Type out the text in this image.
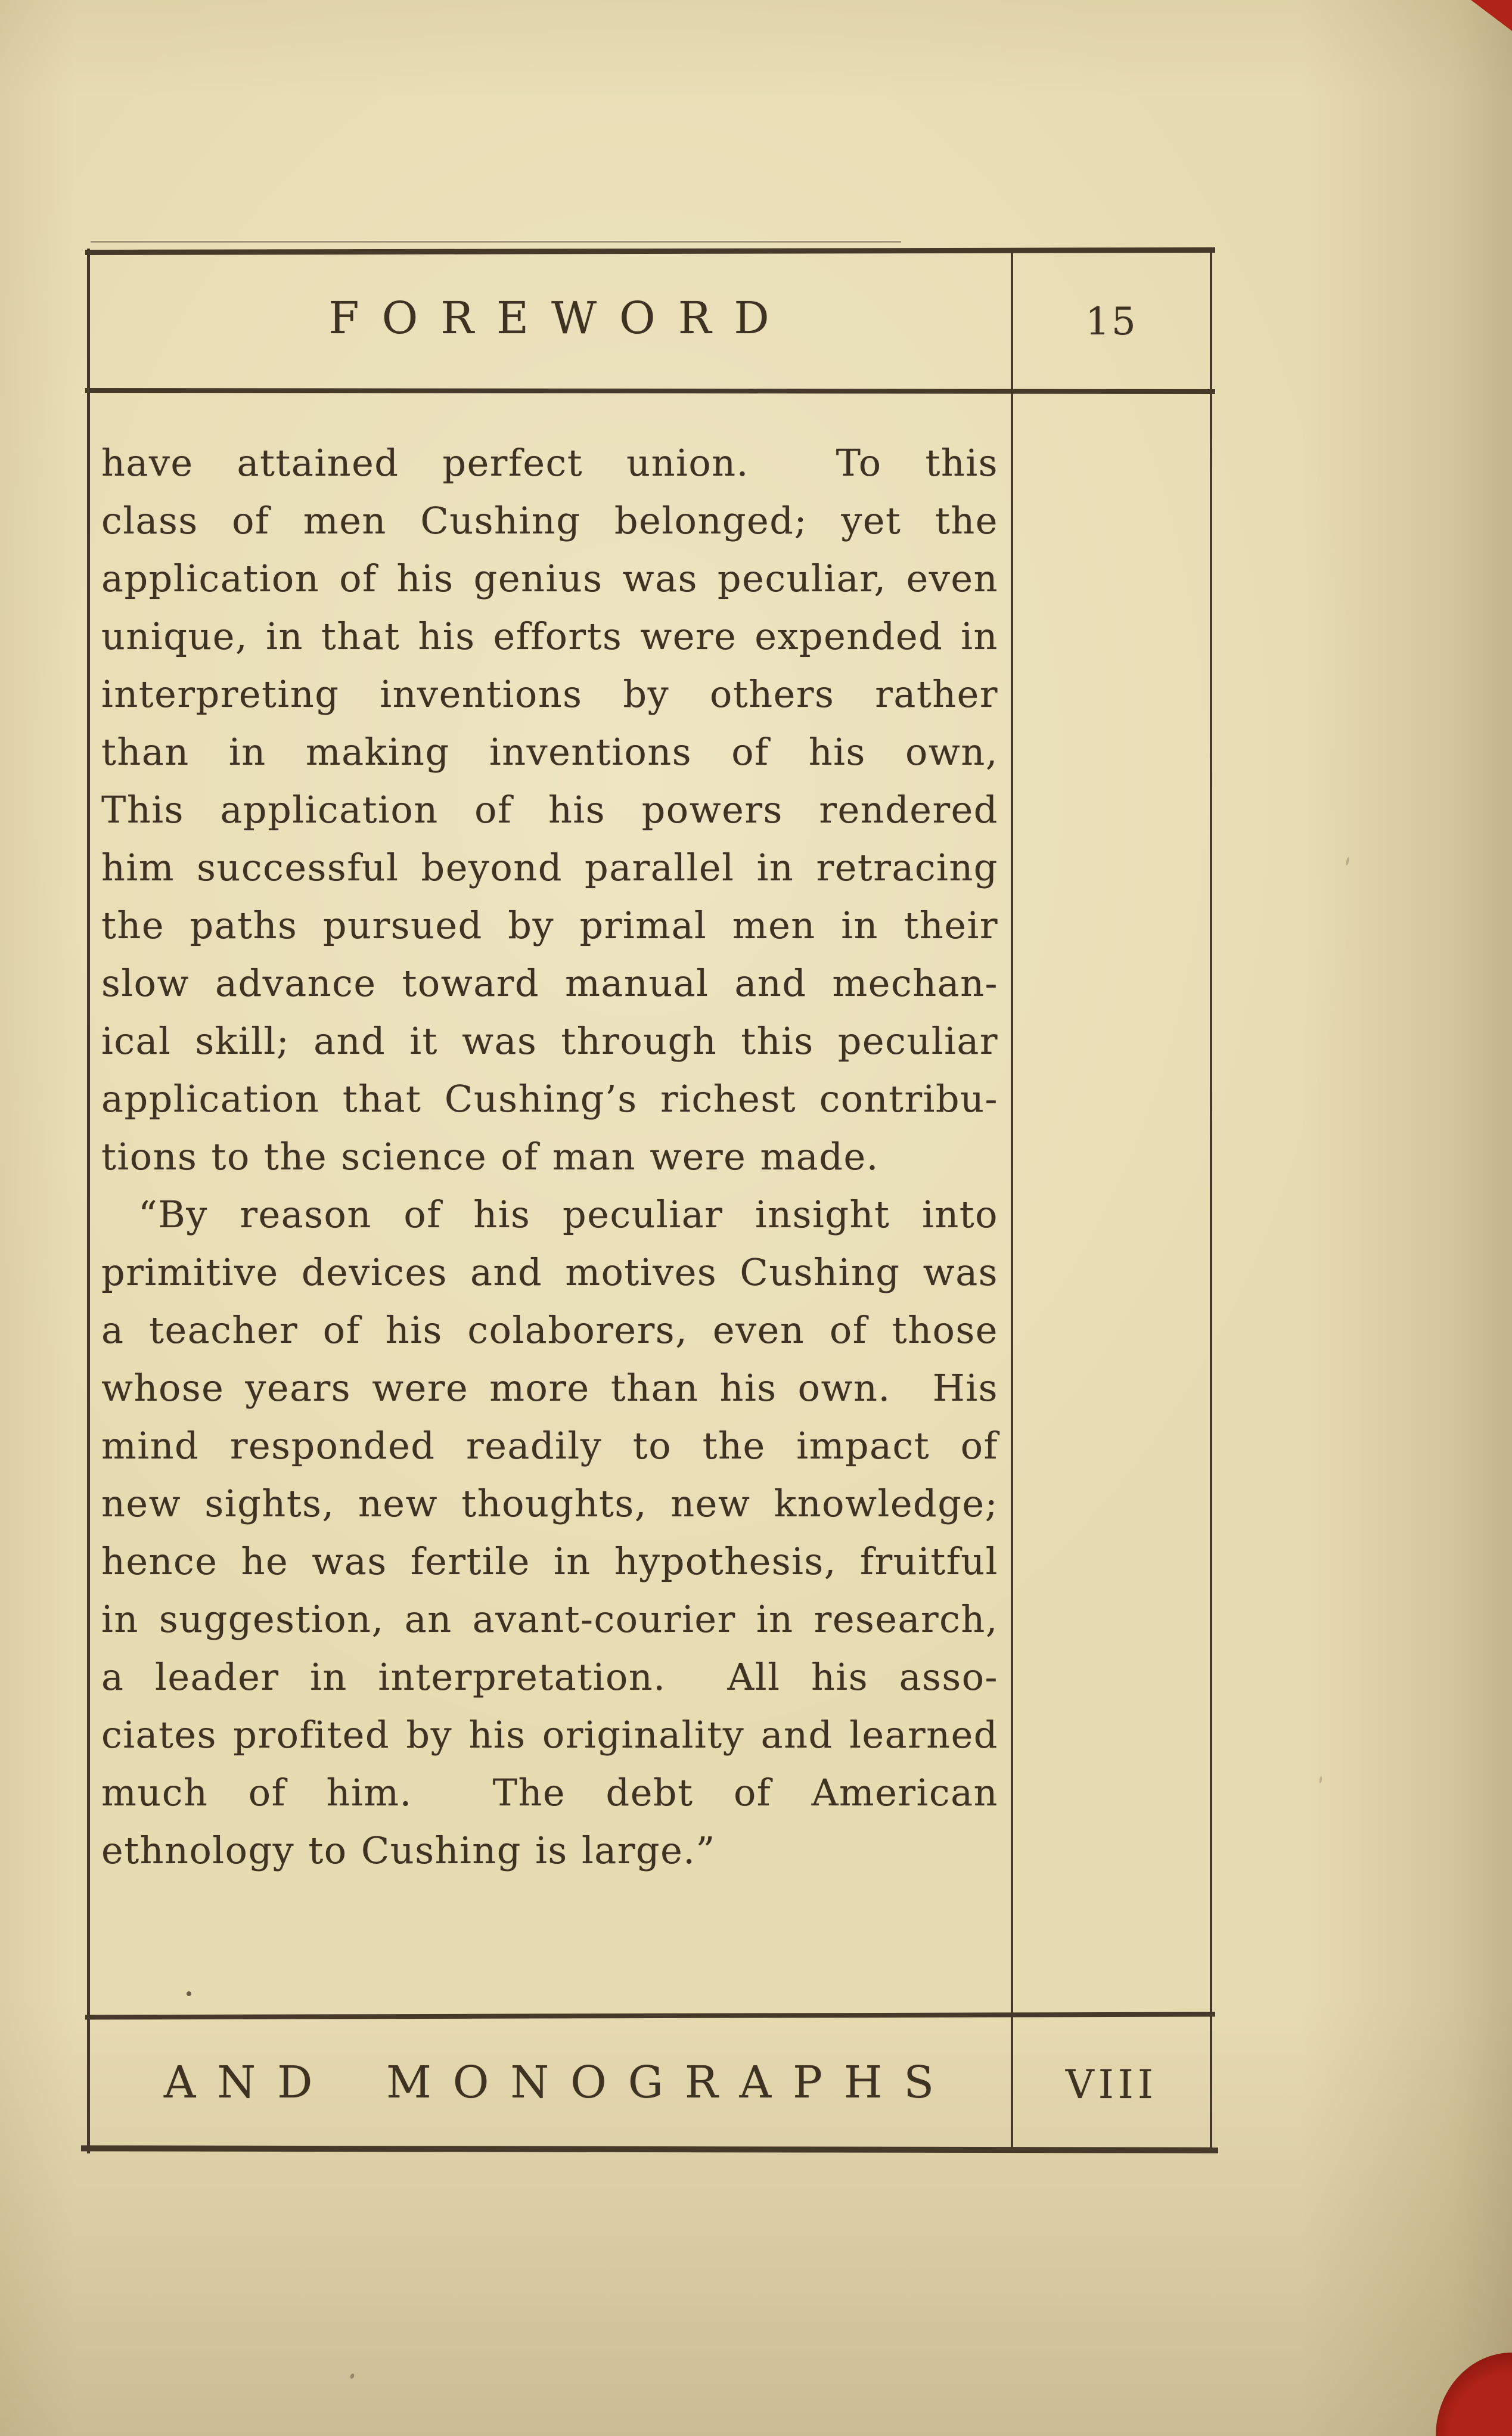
FOREWORD	15
have attained perfect union.  To this
class of men Cushing belonged; yet the
application of his genius was peculiar, even
unique, in that his efforts were expended in
interpreting inventions by others rather
than in making inventions of his own,
This application of his powers rendered
him successful beyond parallel in retracing
the paths pursued by primal men in their
slow advance toward manual and mechan-
ical skill; and it was through this peculiar
application that Cushing’s richest contribu-
tions to the science of man were made.
“By reason of his peculiar insight into
primitive devices and motives Cushing was
a teacher of his colaborers, even of those
whose years were more than his own.  His
mind responded readily to the impact of
new sights, new thoughts, new knowledge;
hence he was fertile in hypothesis, fruitful
in suggestion, an avant-courier in research,
a leader in interpretation.  All his asso-
ciates profited by his originality and learned
much of him.  The debt of American
ethnology to Cushing is large.”
AND MONOGRAPHS	VIII
